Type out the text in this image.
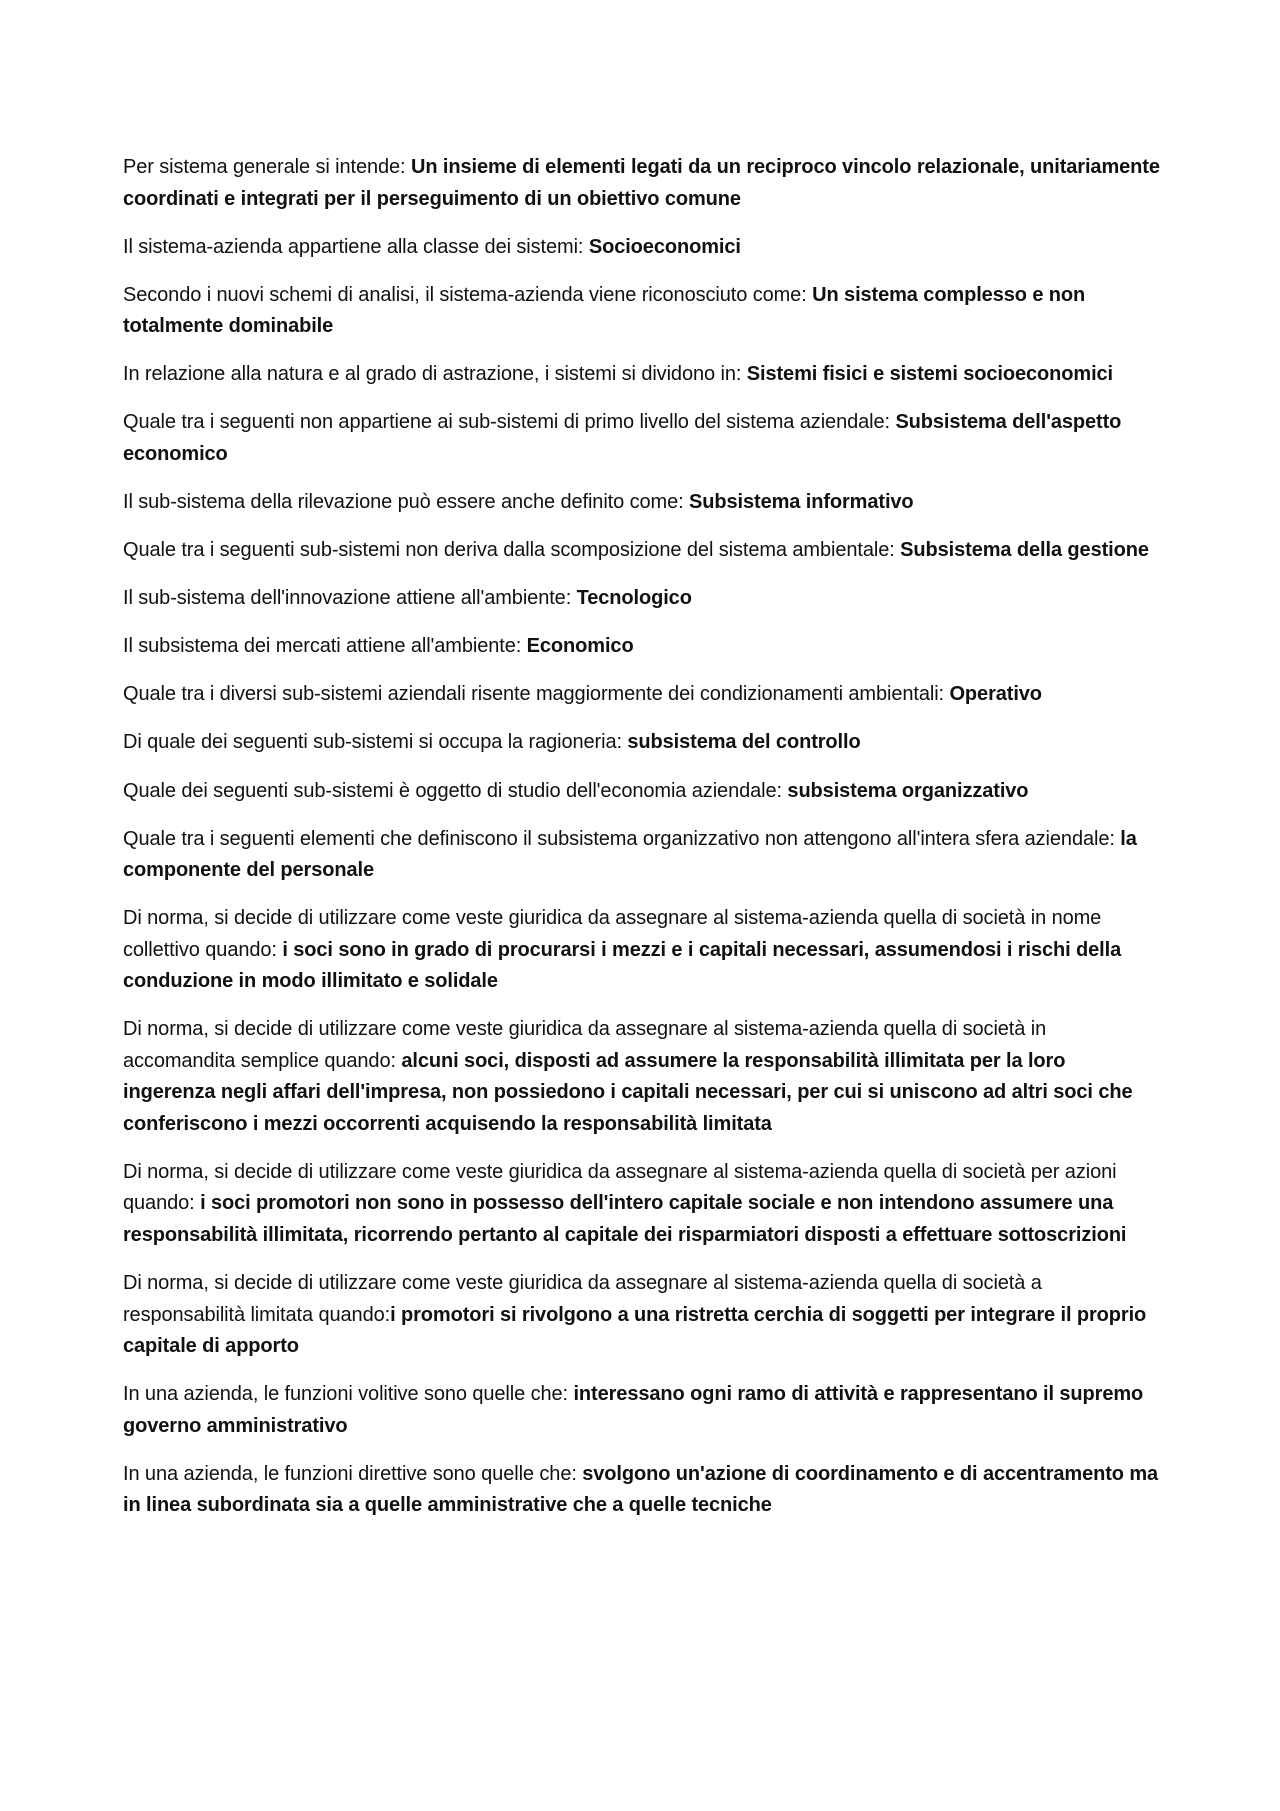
Per sistema generale si intende: Un insieme di elementi legati da un reciproco vincolo relazionale, unitariamente coordinati e integrati per il perseguimento di un obiettivo comune

Il sistema-azienda appartiene alla classe dei sistemi: Socioeconomici

Secondo i nuovi schemi di analisi, il sistema-azienda viene riconosciuto come: Un sistema complesso e non totalmente dominabile

In relazione alla natura e al grado di astrazione, i sistemi si dividono in: Sistemi fisici e sistemi socioeconomici

Quale tra i seguenti non appartiene ai sub-sistemi di primo livello del sistema aziendale: Subsistema dell'aspetto economico

Il sub-sistema della rilevazione può essere anche definito come: Subsistema informativo

Quale tra i seguenti sub-sistemi non deriva dalla scomposizione del sistema ambientale: Subsistema della gestione

Il sub-sistema dell'innovazione attiene all'ambiente: Tecnologico

Il subsistema dei mercati attiene all'ambiente: Economico

Quale tra i diversi sub-sistemi aziendali risente maggiormente dei condizionamenti ambientali: Operativo

Di quale dei seguenti sub-sistemi si occupa la ragioneria: subsistema del controllo

Quale dei seguenti sub-sistemi è oggetto di studio dell'economia aziendale: subsistema organizzativo

Quale tra i seguenti elementi che definiscono il subsistema organizzativo non attengono all'intera sfera aziendale: la componente del personale

Di norma, si decide di utilizzare come veste giuridica da assegnare al sistema-azienda quella di società in nome collettivo quando: i soci sono in grado di procurarsi i mezzi e i capitali necessari, assumendosi i rischi della conduzione in modo illimitato e solidale

Di norma, si decide di utilizzare come veste giuridica da assegnare al sistema-azienda quella di società in accomandita semplice quando: alcuni soci, disposti ad assumere la responsabilità illimitata per la loro ingerenza negli affari dell'impresa, non possiedono i capitali necessari, per cui si uniscono ad altri soci che conferiscono i mezzi occorrenti acquisendo la responsabilità limitata

Di norma, si decide di utilizzare come veste giuridica da assegnare al sistema-azienda quella di società per azioni quando: i soci promotori non sono in possesso dell'intero capitale sociale e non intendono assumere una responsabilità illimitata, ricorrendo pertanto al capitale dei risparmiatori disposti a effettuare sottoscrizioni

Di norma, si decide di utilizzare come veste giuridica da assegnare al sistema-azienda quella di società a responsabilità limitata quando:i promotori si rivolgono a una ristretta cerchia di soggetti per integrare il proprio capitale di apporto

In una azienda, le funzioni volitive sono quelle che: interessano ogni ramo di attività e rappresentano il supremo governo amministrativo

In una azienda, le funzioni direttive sono quelle che: svolgono un'azione di coordinamento e di accentramento ma in linea subordinata sia a quelle amministrative che a quelle tecniche
